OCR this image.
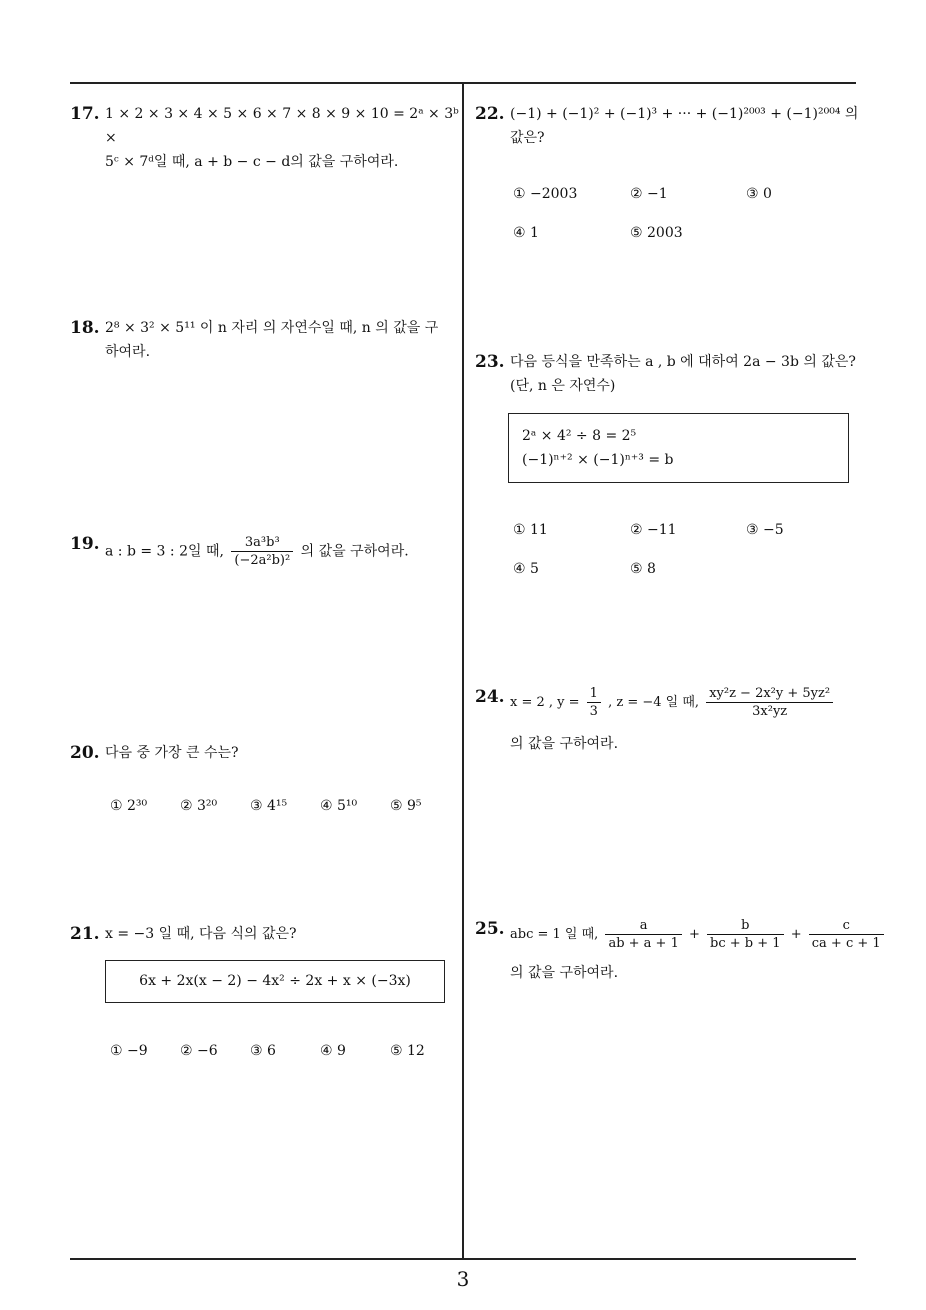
17. 1 × 2 × 3 × 4 × 5 × 6 × 7 × 8 × 9 × 10 = 2ᵃ × 3ᵇ ×
5ᶜ × 7ᵈ일 때, a + b − c − d의 값을 구하여라.
18. 2⁸ × 3² × 5¹¹ 이 n 자리 의 자연수일 때, n 의 값을 구
하여라.
19. a : b = 3 : 2일 때, $\frac{\text{3a³b³}}{\text{(−2a²b)²}}$ 의 값을 구하여라.
20. 다음 중 가장 큰 수는?
① 2³⁰ ② 3²⁰ ③ 4¹⁵ ④ 5¹⁰ ⑤ 9⁵
21. x = −3 일 때, 다음 식의 값은?
6x + 2x(x − 2) − 4x² ÷ 2x + x × (−3x)
① −9 ② −6 ③ 6	④ 9	⑤ 12
22. (−1) + (−1)² + (−1)³ + ··· + (−1)²⁰⁰³ + (−1)²⁰⁰⁴ 의
값은?
① −2003	② −1	③ 0
④ 1	⑤ 2003
23. 다음 등식을 만족하는 a , b 에 대하여 2a − 3b 의 값은?
(단, n 은 자연수)
2ᵃ × 4² ÷ 8 = 2⁵
(−1)ⁿ⁺² × (−1)ⁿ⁺³ = b
① 11	② −11	③ −5
④ 5	⑤ 8
24. x = 2 , $y = \frac{1}{3}$ , z = −4 일 때, $\frac{\text{xy²z − 2x²y + 5yz²}}{\text{3x²yz}}$
의 값을 구하여라.
25. abc = 1 일 때, $\frac{a}{ab + a + 1} + \frac{b}{bc + b + 1} + \frac{c}{ca + c + 1}$
의 값을 구하여라.
3
